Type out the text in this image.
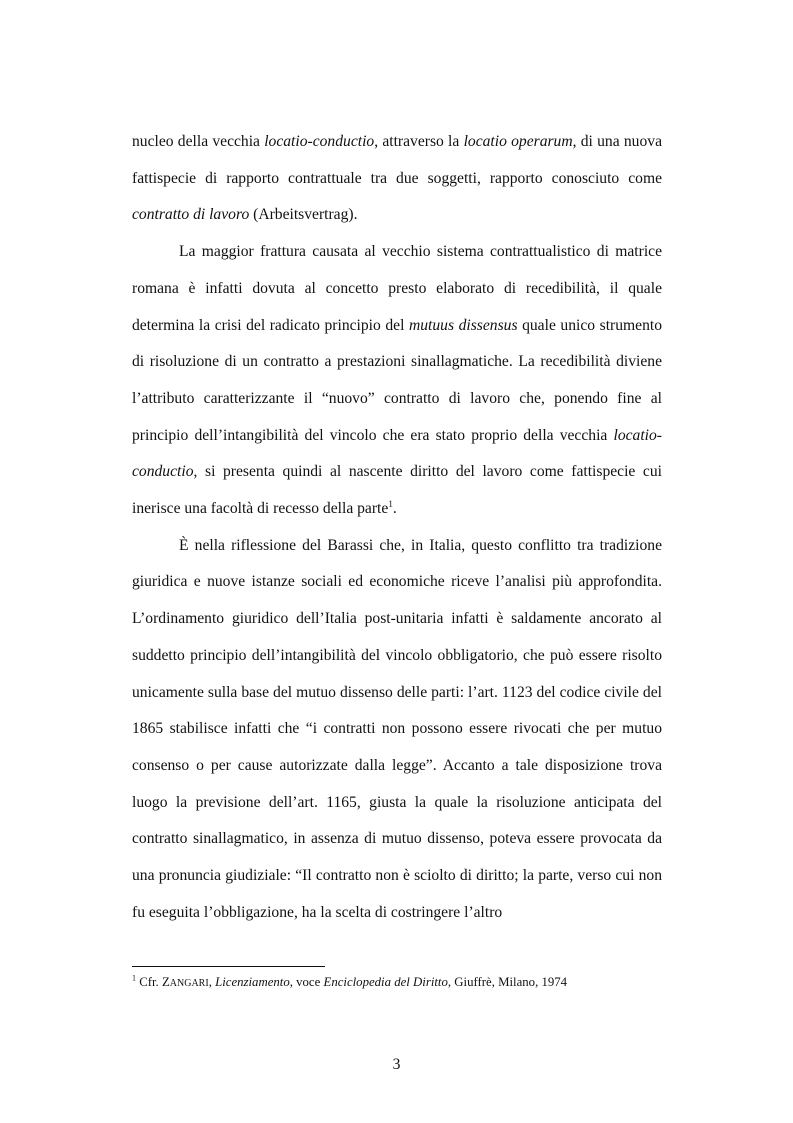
nucleo della vecchia locatio-conductio, attraverso la locatio operarum, di una nuova fattispecie di rapporto contrattuale tra due soggetti, rapporto conosciuto come contratto di lavoro (Arbeitsvertrag).

La maggior frattura causata al vecchio sistema contrattualistico di matrice romana è infatti dovuta al concetto presto elaborato di recedibilità, il quale determina la crisi del radicato principio del mutuus dissensus quale unico strumento di risoluzione di un contratto a prestazioni sinallagmatiche. La recedibilità diviene l’attributo caratterizzante il “nuovo” contratto di lavoro che, ponendo fine al principio dell’intangibilità del vincolo che era stato proprio della vecchia locatio-conductio, si presenta quindi al nascente diritto del lavoro come fattispecie cui inerisce una facoltà di recesso della parte$^1$.

È nella riflessione del Barassi che, in Italia, questo conflitto tra tradizione giuridica e nuove istanze sociali ed economiche riceve l’analisi più approfondita. L’ordinamento giuridico dell’Italia post-unitaria infatti è saldamente ancorato al suddetto principio dell’intangibilità del vincolo obbligatorio, che può essere risolto unicamente sulla base del mutuo dissenso delle parti: l’art. 1123 del codice civile del 1865 stabilisce infatti che “i contratti non possono essere rivocati che per mutuo consenso o per cause autorizzate dalla legge”. Accanto a tale disposizione trova luogo la previsione dell’art. 1165, giusta la quale la risoluzione anticipata del contratto sinallagmatico, in assenza di mutuo dissenso, poteva essere provocata da una pronuncia giudiziale: “Il contratto non è sciolto di diritto; la parte, verso cui non fu eseguita l’obbligazione, ha la scelta di costringere l’altro

$^1$ Cfr. ZANGARI, Licenziamento, voce Enciclopedia del Diritto, Giuffrè, Milano, 1974
3
